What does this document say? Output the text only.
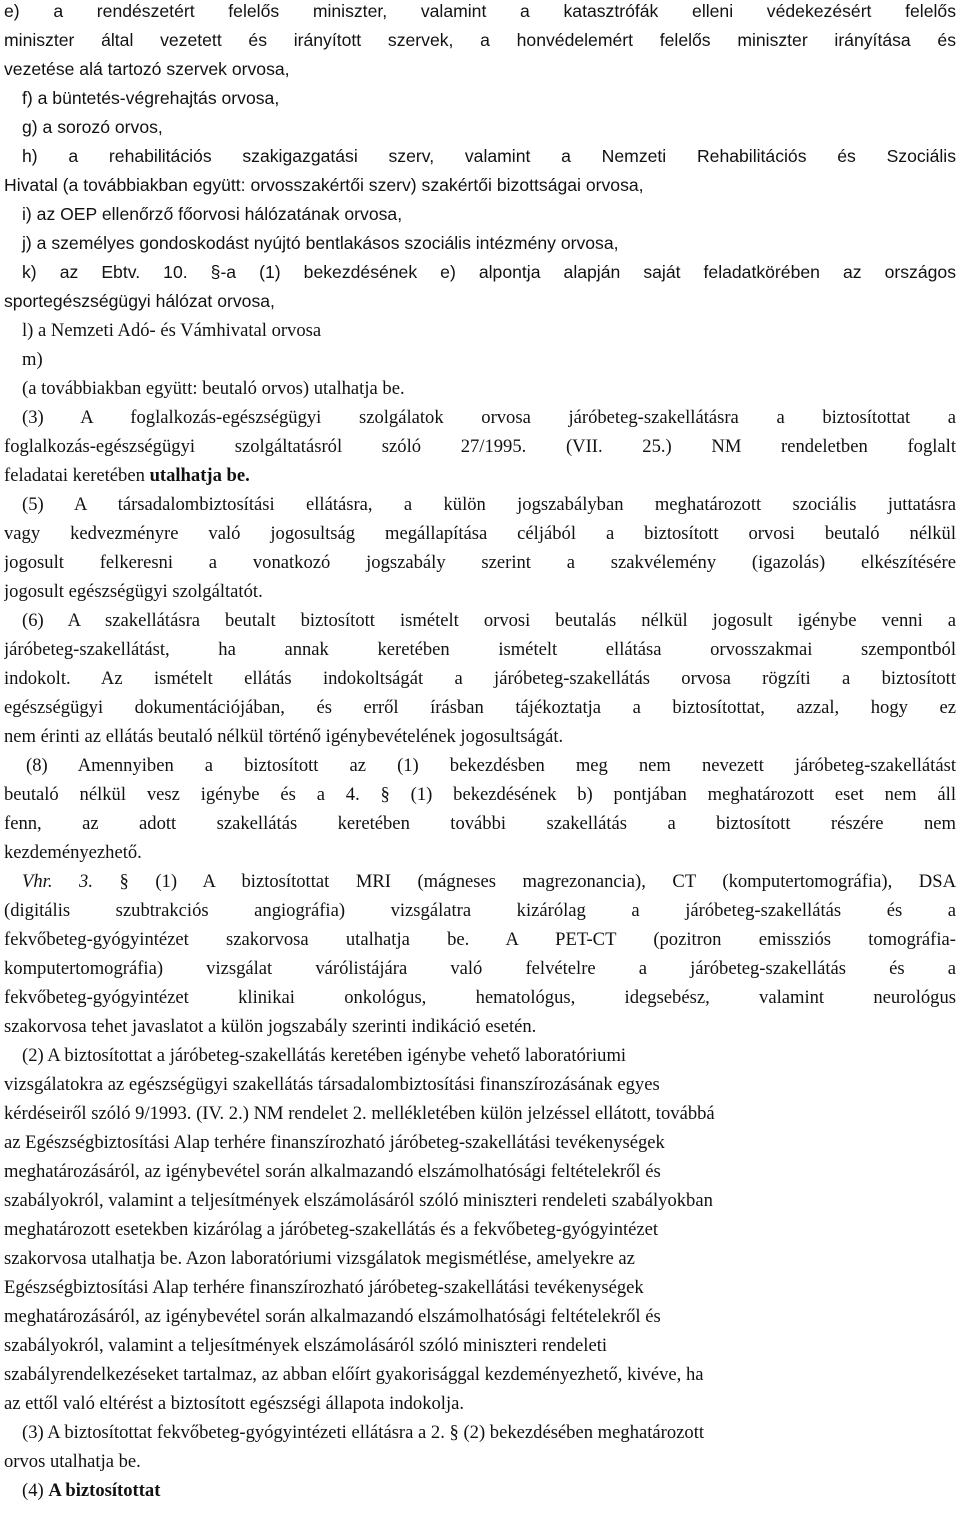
e) a rendészetért felelős miniszter, valamint a katasztrófák elleni védekezésért felelős
miniszter által vezetett és irányított szervek, a honvédelemért felelős miniszter irányítása és
vezetése alá tartozó szervek orvosa,
f) a büntetés-végrehajtás orvosa,
g) a sorozó orvos,
h) a rehabilitációs szakigazgatási szerv, valamint a Nemzeti Rehabilitációs és Szociális
Hivatal (a továbbiakban együtt: orvosszakértői szerv) szakértői bizottságai orvosa,
i) az OEP ellenőrző főorvosi hálózatának orvosa,
j) a személyes gondoskodást nyújtó bentlakásos szociális intézmény orvosa,
k) az Ebtv. 10. §-a (1) bekezdésének e) alpontja alapján saját feladatkörében az országos
sportegészségügyi hálózat orvosa,
l) a Nemzeti Adó- és Vámhivatal orvosa
m)
(a továbbiakban együtt: beutaló orvos) utalhatja be.
(3) A foglalkozás-egészségügyi szolgálatok orvosa járóbeteg-szakellátásra a biztosítottat a
foglalkozás-egészségügyi szolgáltatásról szóló 27/1995. (VII. 25.) NM rendeletben foglalt
feladatai keretében utalhatja be.
(5) A társadalombiztosítási ellátásra, a külön jogszabályban meghatározott szociális juttatásra
vagy kedvezményre való jogosultság megállapítása céljából a biztosított orvosi beutaló nélkül
jogosult felkeresni a vonatkozó jogszabály szerint a szakvélemény (igazolás) elkészítésére
jogosult egészségügyi szolgáltatót.
(6) A szakellátásra beutalt biztosított ismételt orvosi beutalás nélkül jogosult igénybe venni a
járóbeteg-szakellátást, ha annak keretében ismételt ellátása orvosszakmai szempontból
indokolt. Az ismételt ellátás indokoltságát a járóbeteg-szakellátás orvosa rögzíti a biztosított
egészségügyi dokumentációjában, és erről írásban tájékoztatja a biztosítottat, azzal, hogy ez
nem érinti az ellátás beutaló nélkül történő igénybevételének jogosultságát.
(8) Amennyiben a biztosított az (1) bekezdésben meg nem nevezett járóbeteg-szakellátást
beutaló nélkül vesz igénybe és a 4. § (1) bekezdésének b) pontjában meghatározott eset nem áll
fenn, az adott szakellátás keretében további szakellátás a biztosított részére nem
kezdeményezhető.
Vhr. 3. § (1) A biztosítottat MRI (mágneses magrezonancia), CT (komputertomográfia), DSA
(digitális szubtrakciós angiográfia) vizsgálatra kizárólag a járóbeteg-szakellátás és a
fekvőbeteg-gyógyintézet szakorvosa utalhatja be. A PET-CT (pozitron emissziós tomográfia-
komputertomográfia) vizsgálat várólistájára való felvételre a járóbeteg-szakellátás és a
fekvőbeteg-gyógyintézet klinikai onkológus, hematológus, idegsebész, valamint neurológus
szakorvosa tehet javaslatot a külön jogszabály szerinti indikáció esetén.
(2) A biztosítottat a járóbeteg-szakellátás keretében igénybe vehető laboratóriumi
vizsgálatokra az egészségügyi szakellátás társadalombiztosítási finanszírozásának egyes
kérdéseiről szóló 9/1993. (IV. 2.) NM rendelet 2. mellékletében külön jelzéssel ellátott, továbbá
az Egészségbiztosítási Alap terhére finanszírozható járóbeteg-szakellátási tevékenységek
meghatározásáról, az igénybevétel során alkalmazandó elszámolhatósági feltételekről és
szabályokról, valamint a teljesítmények elszámolásáról szóló miniszteri rendeleti szabályokban
meghatározott esetekben kizárólag a járóbeteg-szakellátás és a fekvőbeteg-gyógyintézet
szakorvosa utalhatja be. Azon laboratóriumi vizsgálatok megismétlése, amelyekre az
Egészségbiztosítási Alap terhére finanszírozható járóbeteg-szakellátási tevékenységek
meghatározásáról, az igénybevétel során alkalmazandó elszámolhatósági feltételekről és
szabályokról, valamint a teljesítmények elszámolásáról szóló miniszteri rendeleti
szabályrendelkezéseket tartalmaz, az abban előírt gyakorisággal kezdeményezhető, kivéve, ha
az ettől való eltérést a biztosított egészségi állapota indokolja.
(3) A biztosítottat fekvőbeteg-gyógyintézeti ellátásra a 2. § (2) bekezdésében meghatározott
orvos utalhatja be.
(4) A biztosítottat
